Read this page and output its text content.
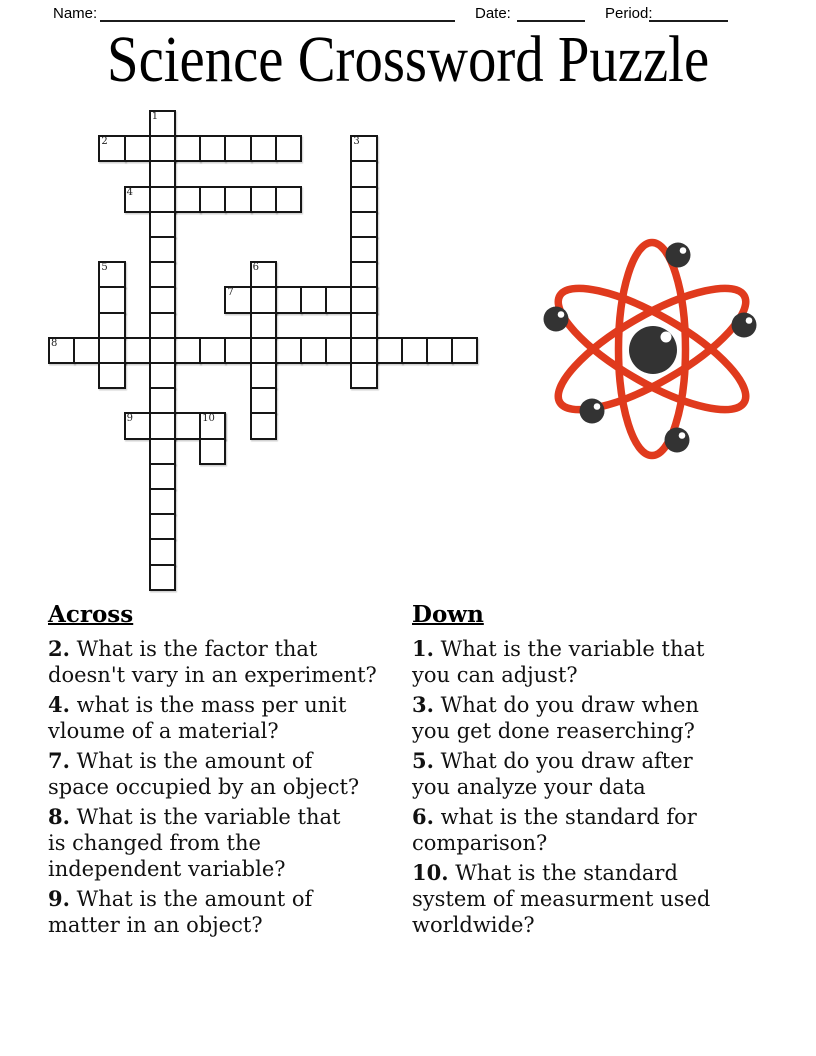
Name:	Date:	Period:
Science Crossword Puzzle
2
4
7
8
9
1
3
5	6
10
Across

2. What is the factor that
doesn't vary in an experiment?

4. what is the mass per unit
vloume of a material?

7. What is the amount of
space occupied by an object?

8. What is the variable that
is changed from the
independent variable?

9. What is the amount of
matter in an object?

Down

1. What is the variable that
you can adjust?

3. What do you draw when
you get done reaserching?

5. What do you draw after
you analyze your data

6. what is the standard for
comparison?

10. What is the standard
system of measurment used
worldwide?
